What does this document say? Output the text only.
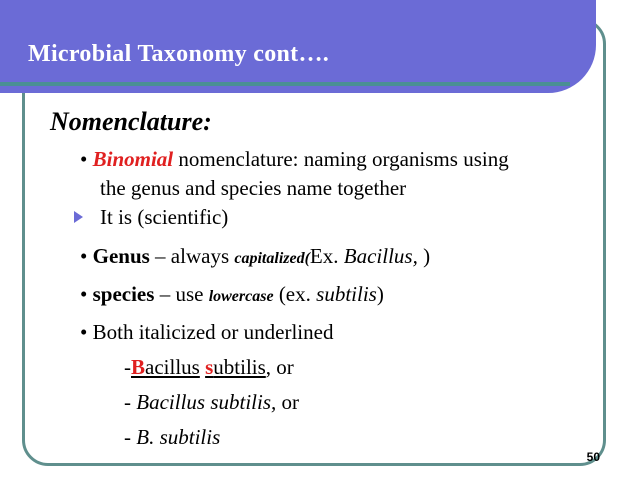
Microbial Taxonomy cont….
Nomenclature:
• Binomial nomenclature: naming organisms using
the genus and species name together
It is (scientific)
• Genus – always capitalized(Ex. Bacillus, )
• species – use lowercase (ex. subtilis)
• Both italicized or underlined
-Bacillus subtilis, or
- Bacillus subtilis, or
- B. subtilis
50
